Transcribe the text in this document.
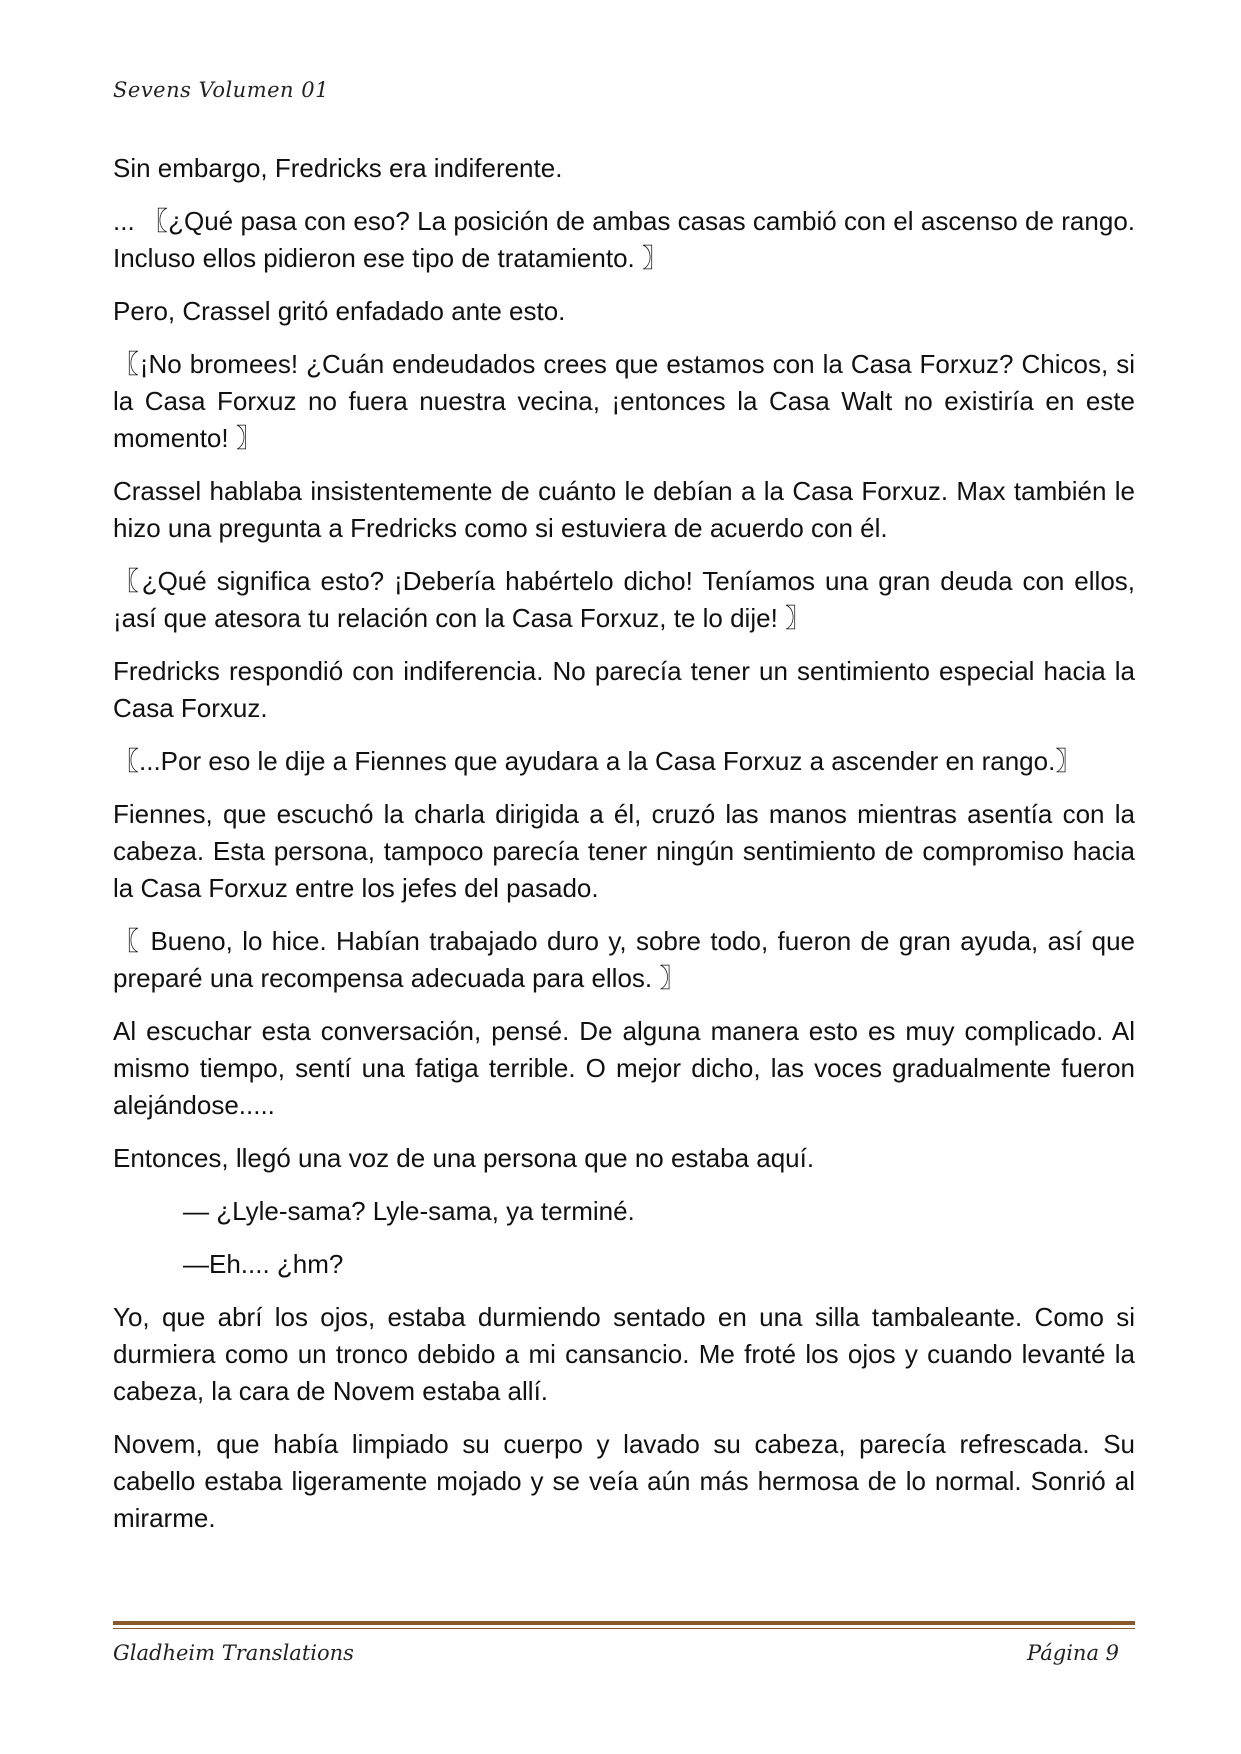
Sevens Volumen 01

Sin embargo, Fredricks era indiferente.

... 〖¿Qué pasa con eso? La posición de ambas casas cambió con el ascenso de rango. Incluso ellos pidieron ese tipo de tratamiento. 〗

Pero, Crassel gritó enfadado ante esto.

〖¡No bromees! ¿Cuán endeudados crees que estamos con la Casa Forxuz? Chicos, si la Casa Forxuz no fuera nuestra vecina, ¡entonces la Casa Walt no existiría en este momento! 〗

Crassel hablaba insistentemente de cuánto le debían a la Casa Forxuz. Max también le hizo una pregunta a Fredricks como si estuviera de acuerdo con él.

〖¿Qué significa esto? ¡Debería habértelo dicho! Teníamos una gran deuda con ellos, ¡así que atesora tu relación con la Casa Forxuz, te lo dije! 〗

Fredricks respondió con indiferencia. No parecía tener un sentimiento especial hacia la Casa Forxuz.

〖...Por eso le dije a Fiennes que ayudara a la Casa Forxuz a ascender en rango.〗

Fiennes, que escuchó la charla dirigida a él, cruzó las manos mientras asentía con la cabeza. Esta persona, tampoco parecía tener ningún sentimiento de compromiso hacia la Casa Forxuz entre los jefes del pasado.

〖 Bueno, lo hice. Habían trabajado duro y, sobre todo, fueron de gran ayuda, así que preparé una recompensa adecuada para ellos. 〗

Al escuchar esta conversación, pensé. De alguna manera esto es muy complicado. Al mismo tiempo, sentí una fatiga terrible. O mejor dicho, las voces gradualmente fueron alejándose.....

Entonces, llegó una voz de una persona que no estaba aquí.

— ¿Lyle-sama? Lyle-sama, ya terminé.

—Eh.... ¿hm?

Yo, que abrí los ojos, estaba durmiendo sentado en una silla tambaleante. Como si durmiera como un tronco debido a mi cansancio. Me froté los ojos y cuando levanté la cabeza, la cara de Novem estaba allí.

Novem, que había limpiado su cuerpo y lavado su cabeza, parecía refrescada. Su cabello estaba ligeramente mojado y se veía aún más hermosa de lo normal. Sonrió al mirarme.

Gladheim Translations	Página 9
